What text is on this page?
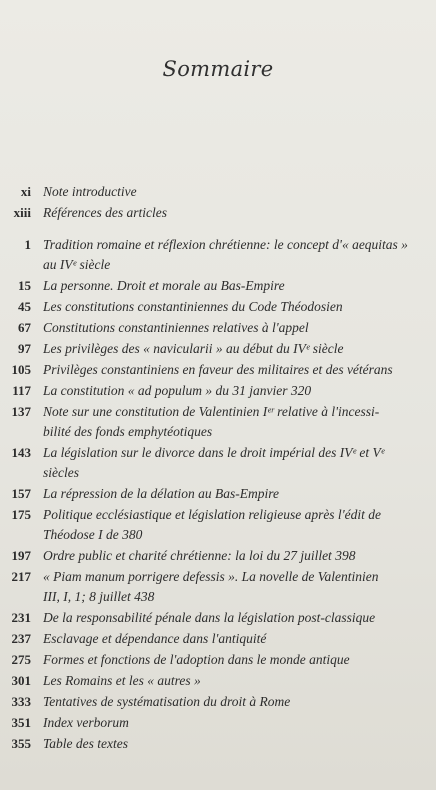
Sommaire
xi Note introductive
xiii Références des articles
1 Tradition romaine et réflexion chrétienne: le concept d'« aequitas »
au IVᵉ siècle
15 La personne. Droit et morale au Bas-Empire
45 Les constitutions constantiniennes du Code Théodosien
67 Constitutions constantiniennes relatives à l'appel
97 Les privilèges des « navicularii » au début du IVᵉ siècle
105 Privilèges constantiniens en faveur des militaires et des vétérans
117 La constitution « ad populum » du 31 janvier 320
137 Note sur une constitution de Valentinien Iᵉʳ relative à l'incessi-
bilité des fonds emphytéotiques
143 La législation sur le divorce dans le droit impérial des IVᵉ et Vᵉ
siècles
157 La répression de la délation au Bas-Empire
175 Politique ecclésiastique et législation religieuse après l'édit de
Théodose I de 380
197 Ordre public et charité chrétienne: la loi du 27 juillet 398
217 « Piam manum porrigere defessis ». La novelle de Valentinien
III, I, 1; 8 juillet 438
231 De la responsabilité pénale dans la législation post-classique
237 Esclavage et dépendance dans l'antiquité
275 Formes et fonctions de l'adoption dans le monde antique
301 Les Romains et les « autres »
333 Tentatives de systématisation du droit à Rome
351 Index verborum
355 Table des textes
